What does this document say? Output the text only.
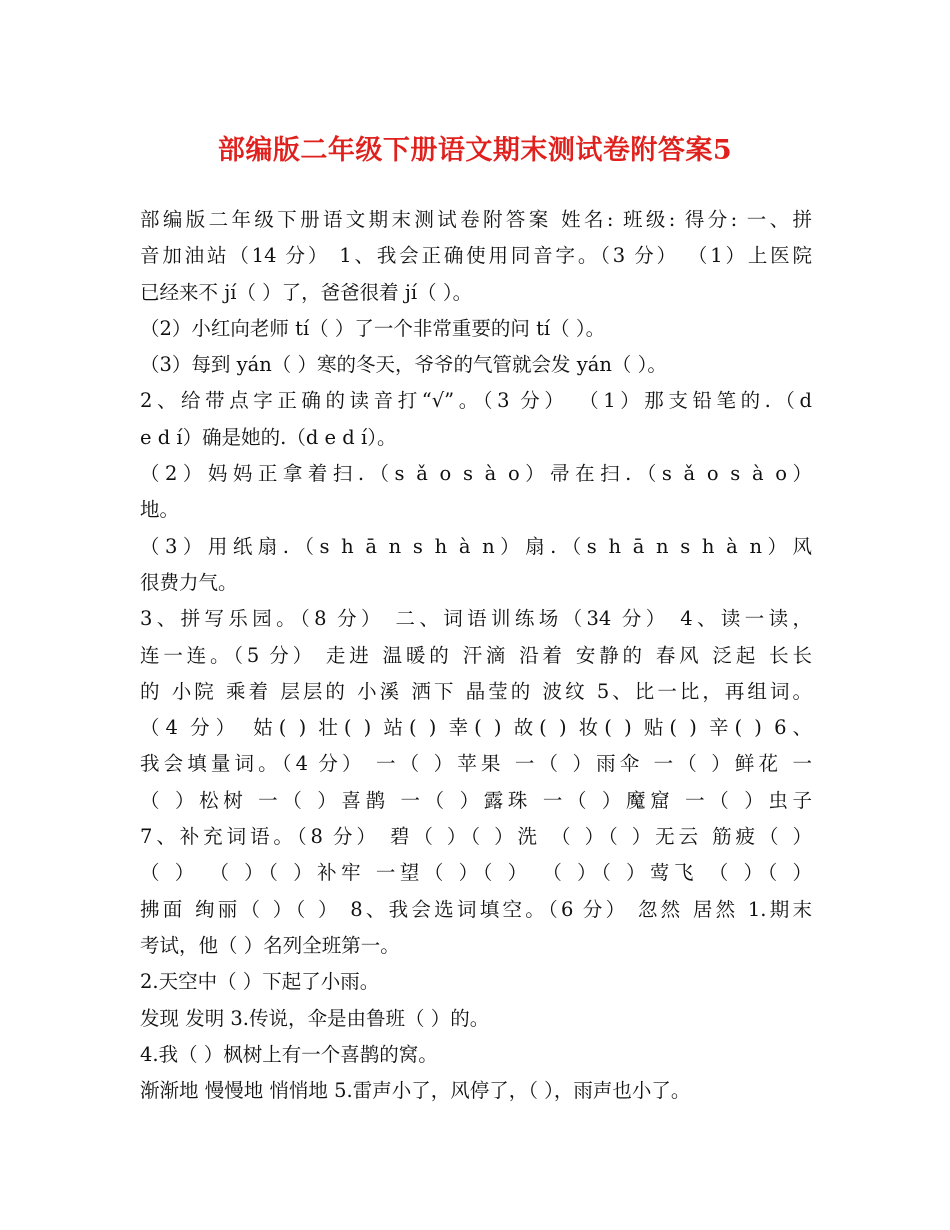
部编版二年级下册语文期末测试卷附答案5
部编版二年级下册语文期末测试卷附答案 姓名: 班级: 得分: 一、拼
音加油站（14 分） 1、我会正确使用同音字。（3 分） （1）上医院
已经来不 jí（ ）了，爸爸很着 jí（ ）。
（2）小红向老师 tí（ ）了一个非常重要的问 tí（ ）。
（3）每到 yán（ ）寒的冬天，爷爷的气管就会发 yán（ ）。
2、给带点字正确的读音打“√”。（3 分） （1）那支铅笔的.（d
e d í）确是她的.（d e d í）。
（2）妈妈正拿着扫.（s ǎ o s à o）帚在扫.（s ǎ o s à o）
地。
（3）用纸扇.（s h ā n s h à n）扇.（s h ā n s h à n）风
很费力气。
3、拼写乐园。（8 分） 二、词语训练场（34 分） 4、读一读，
连一连。（5 分） 走进 温暖的 汗滴 沿着 安静的 春风 泛起 长长
的 小院 乘着 层层的 小溪 洒下 晶莹的 波纹 5、比一比，再组词。
（4 分） 姑( ) 壮( ) 站( ) 幸( ) 故( ) 妆( ) 贴( ) 辛( ) 6、
我会填量词。（4 分） 一（ ）苹果 一（ ）雨伞 一（ ）鲜花 一
（ ）松树 一（ ）喜鹊 一（ ）露珠 一（ ）魔窟 一（ ）虫子
7、补充词语。（8 分） 碧（ ）（ ）洗 （ ）（ ）无云 筋疲（ ）
（ ） （ ）（ ）补牢 一望（ ）（ ） （ ）（ ）莺飞 （ ）（ ）
拂面 绚丽（ ）（ ） 8、我会选词填空。（6 分） 忽然 居然 1.期末
考试，他（ ）名列全班第一。
2.天空中（ ）下起了小雨。
发现 发明 3.传说，伞是由鲁班（ ）的。
4.我（ ）枫树上有一个喜鹊的窝。
渐渐地 慢慢地 悄悄地 5.雷声小了，风停了，（ ），雨声也小了。
